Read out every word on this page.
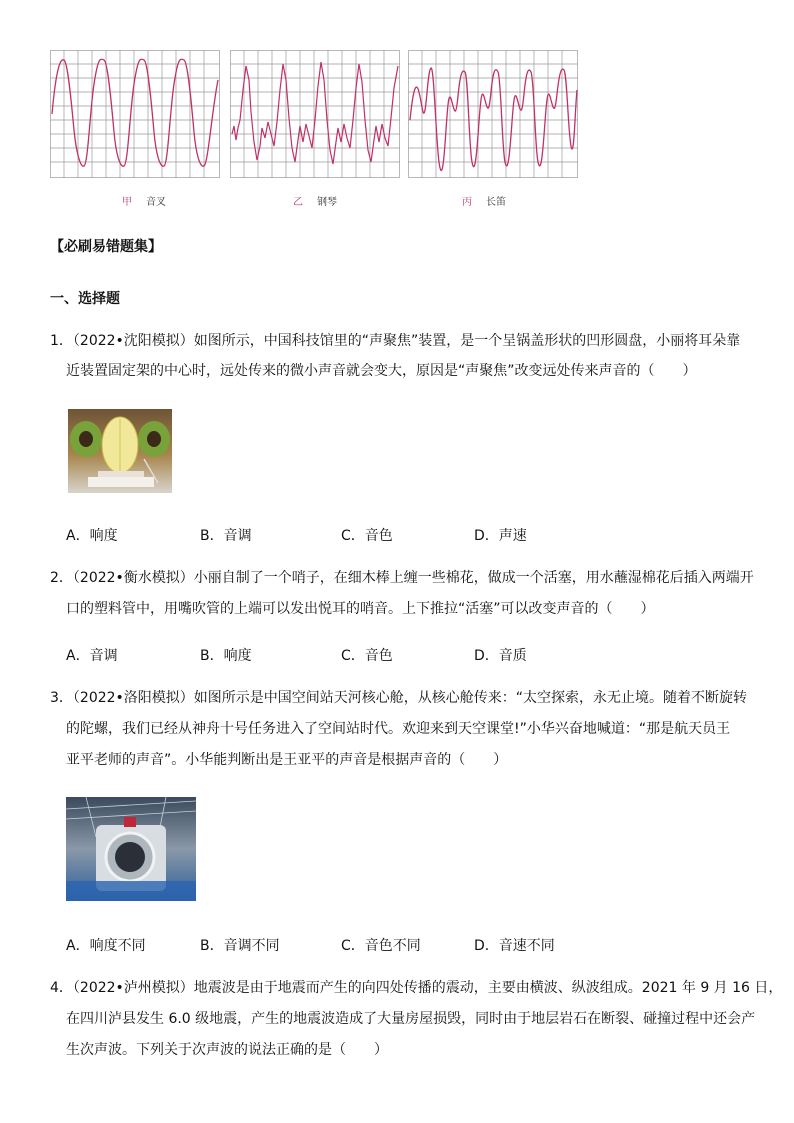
甲 音叉	乙 钢琴	丙 长笛
【必刷易错题集】
一、选择题
1．（2022•沈阳模拟）如图所示，中国科技馆里的“声聚焦”装置，是一个呈锅盖形状的凹形圆盘，小丽将耳朵靠
近装置固定架的中心时，远处传来的微小声音就会变大，原因是“声聚焦”改变远处传来声音的（　　）
A．响度	B．音调	C．音色	D．声速
2．（2022•衡水模拟）小丽自制了一个哨子，在细木棒上缠一些棉花，做成一个活塞，用水蘸湿棉花后插入两端开
口的塑料管中，用嘴吹管的上端可以发出悦耳的哨音。上下推拉“活塞”可以改变声音的（　　）
A．音调	B．响度	C．音色	D．音质
3．（2022•洛阳模拟）如图所示是中国空间站天河核心舱，从核心舱传来：“太空探索，永无止境。随着不断旋转
的陀螺，我们已经从神舟十号任务进入了空间站时代。欢迎来到天空课堂!”小华兴奋地喊道：“那是航天员王
亚平老师的声音”。小华能判断出是王亚平的声音是根据声音的（　　）
A．响度不同	B．音调不同	C．音色不同	D．音速不同
4．（2022•泸州模拟）地震波是由于地震而产生的向四处传播的震动，主要由横波、纵波组成。2021 年 9 月 16 日，
在四川泸县发生 6.0 级地震，产生的地震波造成了大量房屋损毁，同时由于地层岩石在断裂、碰撞过程中还会产
生次声波。下列关于次声波的说法正确的是（　　）
